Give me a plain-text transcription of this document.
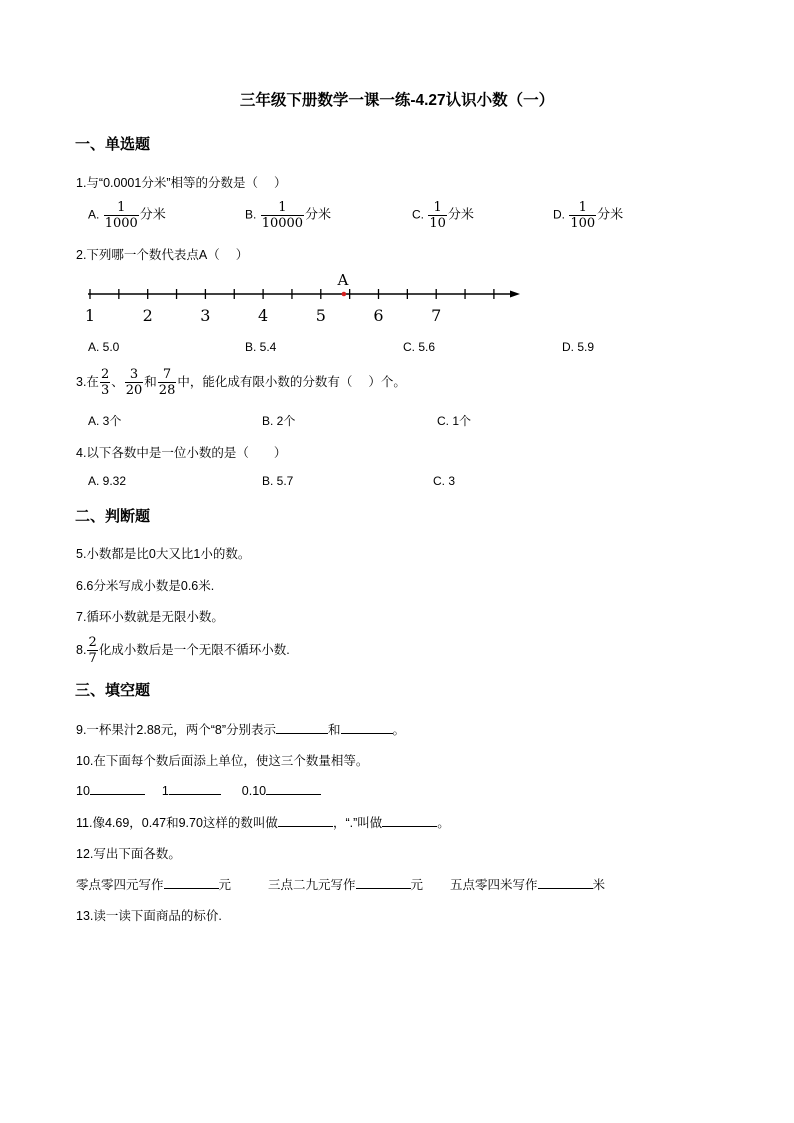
三年级下册数学一课一练-4.27认识小数（一）
一、单选题
1.与“0.0001分米”相等的分数是（　 ）
A. $\frac{1}{1000}$ 分米	B. $\frac{1}{10000}$ 分米	C. $\frac{1}{10}$ 分米	D. $\frac{1}{100}$ 分米
2.下列哪一个数代表点A（　 ）
1	2	3	4	5	6	7
A
A. 5.0	B. 5.4	C. 5.6	D. 5.9
3.在 $\frac{2}{3}$ 、 $\frac{3}{20}$ 和 $\frac{7}{28}$ 中，能化成有限小数的分数有（　 ）个。
A. 3个	B. 2个	C. 1个
4.以下各数中是一位小数的是（　　）
A. 9.32	B. 5.7	C. 3
二、判断题
5.小数都是比0大又比1小的数。
6.6分米写成小数是0.6米.
7.循环小数就是无限小数。
8. $\frac{2}{7}$ 化成小数后是一个无限不循环小数.
三、填空题
9.一杯果汁2.88元，两个“8”分别表示	和	。
10.在下面每个数后面添上单位，使这三个数量相等。
10	1	0.10
11.像4.69，0.47和9.70这样的数叫做	，“.”叫做	。
12.写出下面各数。
零点零四元写作	元	三点二九元写作	元 五点零四米写作	米
13.读一读下面商品的标价.
